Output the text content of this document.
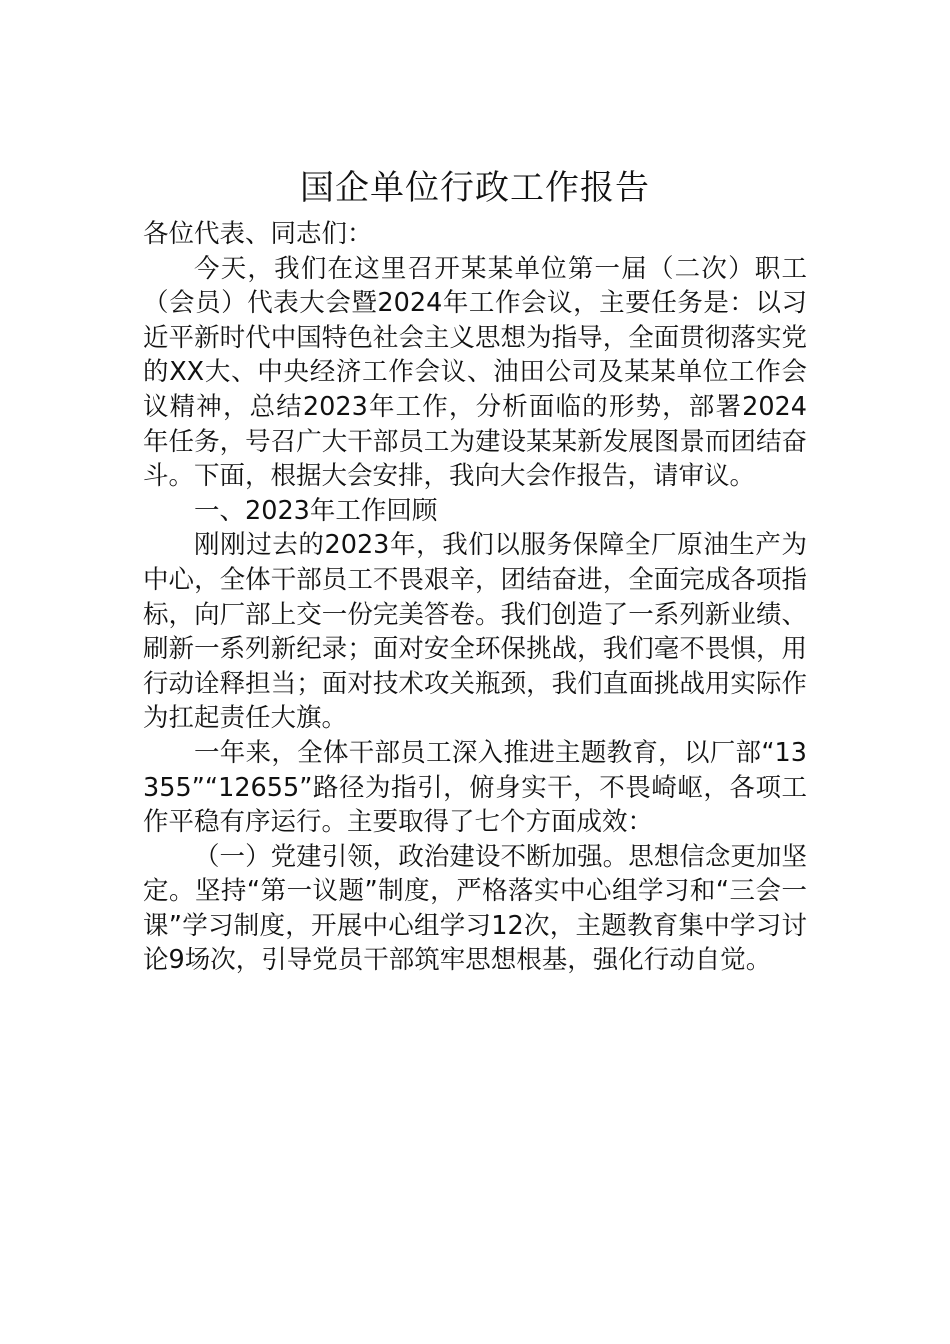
国企单位行政工作报告

各位代表、同志们：

今天，我们在这里召开某某单位第一届（二次）职工（会员）代表大会暨2024年工作会议，主要任务是：以习近平新时代中国特色社会主义思想为指导，全面贯彻落实党的XX大、中央经济工作会议、油田公司及某某单位工作会议精神，总结2023年工作，分析面临的形势，部署2024年任务，号召广大干部员工为建设某某新发展图景而团结奋斗。下面，根据大会安排，我向大会作报告，请审议。

一、2023年工作回顾

刚刚过去的2023年，我们以服务保障全厂原油生产为中心，全体干部员工不畏艰辛，团结奋进，全面完成各项指标，向厂部上交一份完美答卷。我们创造了一系列新业绩、刷新一系列新纪录；面对安全环保挑战，我们毫不畏惧，用行动诠释担当；面对技术攻关瓶颈，我们直面挑战用实际作为扛起责任大旗。

一年来，全体干部员工深入推进主题教育，以厂部“13355”“12655”路径为指引，俯身实干，不畏崎岖，各项工作平稳有序运行。主要取得了七个方面成效：

（一）党建引领，政治建设不断加强。思想信念更加坚定。坚持“第一议题”制度，严格落实中心组学习和“三会一课”学习制度，开展中心组学习12次，主题教育集中学习讨论9场次，引导党员干部筑牢思想根基，强化行动自觉。
